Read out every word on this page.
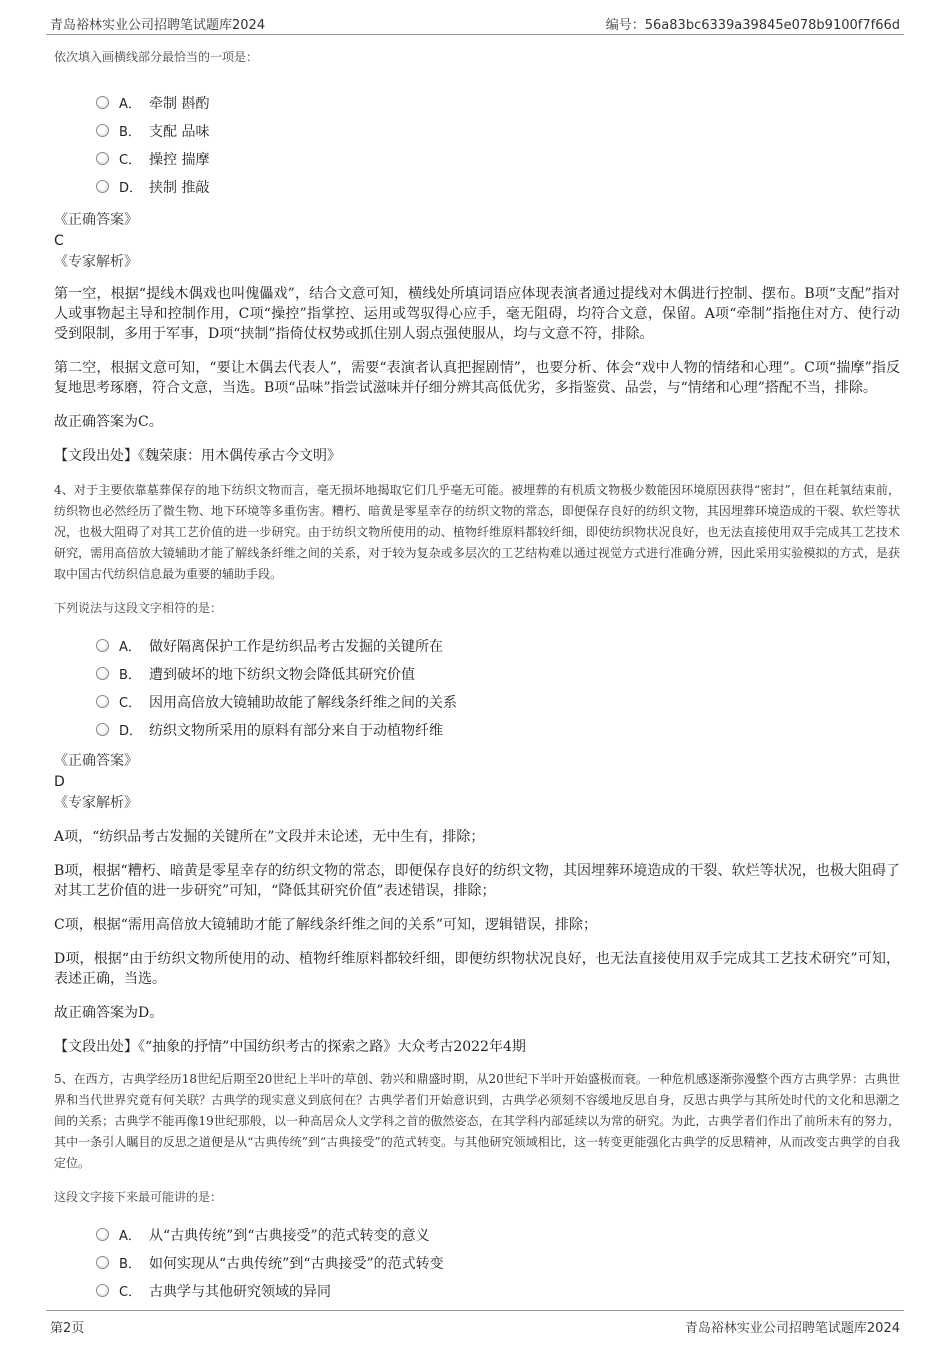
青岛裕林实业公司招聘笔试题库2024	编号：56a83bc6339a39845e078b9100f7f66d

依次填入画横线部分最恰当的一项是：

A． 牵制 斟酌
B． 支配 品味
C． 操控 揣摩
D． 挟制 推敲

《正确答案》

C

《专家解析》

第一空，根据“提线木偶戏也叫傀儡戏”，结合文意可知，横线处所填词语应体现表演者通过提线对木偶进行控制、摆布。B项“支配”指对人或事物起主导和控制作用，C项“操控”指掌控、运用或驾驭得心应手，毫无阻碍，均符合文意，保留。A项“牵制”指拖住对方、使行动受到限制，多用于军事，D项“挟制”指倚仗权势或抓住别人弱点强使服从，均与文意不符，排除。

第二空，根据文意可知，“要让木偶去代表人”，需要“表演者认真把握剧情”，也要分析、体会“戏中人物的情绪和心理”。C项“揣摩”指反复地思考琢磨，符合文意，当选。B项“品味”指尝试滋味并仔细分辨其高低优劣，多指鉴赏、品尝，与“情绪和心理”搭配不当，排除。

故正确答案为C。

【文段出处】《魏荣康：用木偶传承古今文明》

4、对于主要依靠墓葬保存的地下纺织文物而言，毫无损坏地揭取它们几乎毫无可能。被埋葬的有机质文物极少数能因环境原因获得“密封”，但在耗氧结束前，纺织物也必然经历了微生物、地下环境等多重伤害。糟朽、暗黄是零星幸存的纺织文物的常态，即便保存良好的纺织文物，其因埋葬环境造成的干裂、软烂等状况，也极大阻碍了对其工艺价值的进一步研究。由于纺织文物所使用的动、植物纤维原料都较纤细，即使纺织物状况良好，也无法直接使用双手完成其工艺技术研究，需用高倍放大镜辅助才能了解线条纤维之间的关系，对于较为复杂或多层次的工艺结构难以通过视觉方式进行准确分辨，因此采用实验模拟的方式，是获取中国古代纺织信息最为重要的辅助手段。

下列说法与这段文字相符的是：

A． 做好隔离保护工作是纺织品考古发掘的关键所在
B． 遭到破坏的地下纺织文物会降低其研究价值
C． 因用高倍放大镜辅助故能了解线条纤维之间的关系
D． 纺织文物所采用的原料有部分来自于动植物纤维

《正确答案》

D

《专家解析》

A项，“纺织品考古发掘的关键所在”文段并未论述，无中生有，排除；

B项，根据“糟朽、暗黄是零星幸存的纺织文物的常态，即便保存良好的纺织文物，其因埋葬环境造成的干裂、软烂等状况，也极大阻碍了对其工艺价值的进一步研究”可知，“降低其研究价值”表述错误，排除；

C项，根据“需用高倍放大镜辅助才能了解线条纤维之间的关系”可知，逻辑错误，排除；

D项，根据“由于纺织文物所使用的动、植物纤维原料都较纤细，即便纺织物状况良好，也无法直接使用双手完成其工艺技术研究”可知，表述正确，当选。

故正确答案为D。

【文段出处】《“抽象的抒情”中国纺织考古的探索之路》大众考古2022年4期

5、在西方，古典学经历18世纪后期至20世纪上半叶的草创、勃兴和鼎盛时期，从20世纪下半叶开始盛极而衰。一种危机感逐渐弥漫整个西方古典学界：古典世界和当代世界究竟有何关联？古典学的现实意义到底何在？古典学者们开始意识到，古典学必须刻不容缓地反思自身，反思古典学与其所处时代的文化和思潮之间的关系；古典学不能再像19世纪那般，以一种高居众人文学科之首的傲然姿态，在其学科内部延续以为常的研究。为此，古典学者们作出了前所未有的努力，其中一条引人瞩目的反思之道便是从“古典传统”到“古典接受”的范式转变。与其他研究领域相比，这一转变更能强化古典学的反思精神，从而改变古典学的自我定位。

这段文字接下来最可能讲的是：

A． 从“古典传统”到“古典接受”的范式转变的意义
B． 如何实现从“古典传统”到“古典接受”的范式转变
C． 古典学与其他研究领域的异同
第2页	青岛裕林实业公司招聘笔试题库2024
